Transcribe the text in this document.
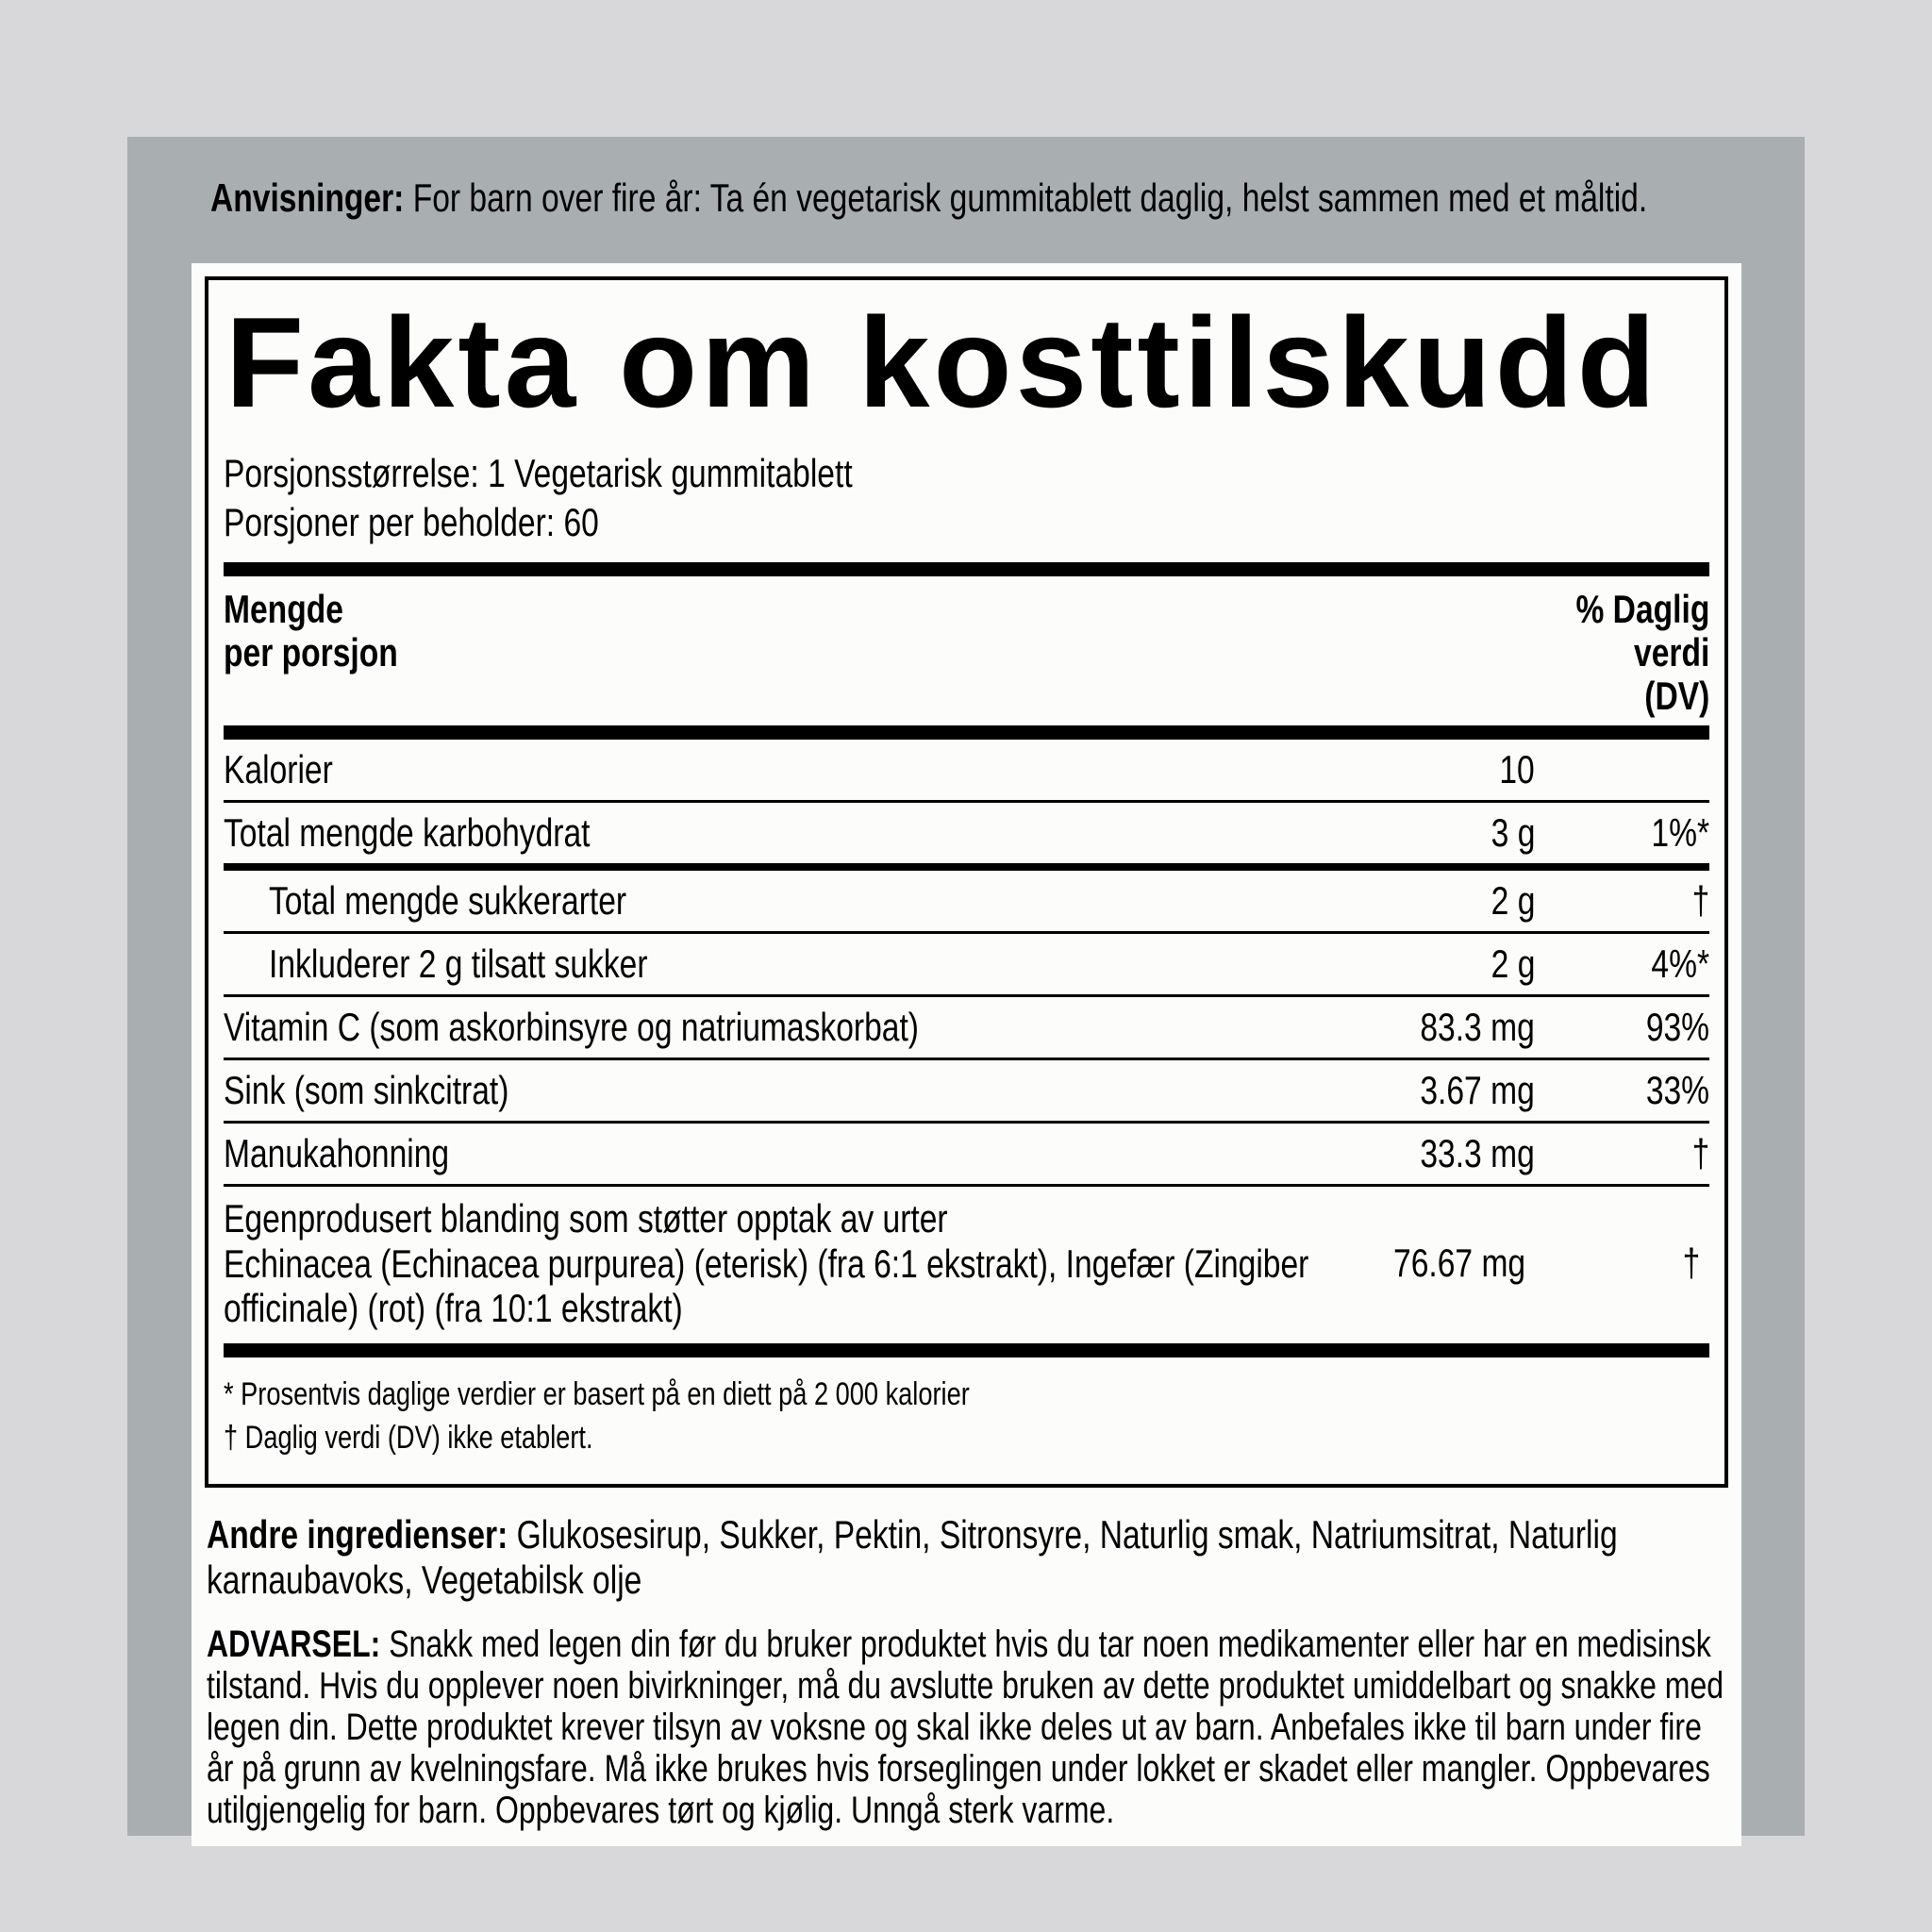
Anvisninger: For barn over fire år: Ta én vegetarisk gummitablett daglig, helst sammen med et måltid.

Fakta om kosttilskudd

Porsjonsstørrelse: 1 Vegetarisk gummitablett

Porsjoner per beholder: 60

Mengde
per porsjon
% Daglig
verdi
(DV)
Kalorier	10
Total mengde karbohydrat	3 g	1%*
Total mengde sukkerarter	2 g	†
Inkluderer 2 g tilsatt sukker	2 g	4%*
Vitamin C (som askorbinsyre og natriumaskorbat)	83.3 mg	93%
Sink (som sinkcitrat)	3.67 mg	33%
Manukahonning	33.3 mg	†
Egenprodusert blanding som støtter opptak av urter
Echinacea (Echinacea purpurea) (eterisk) (fra 6:1 ekstrakt), Ingefær (Zingiber officinale) (rot) (fra 10:1 ekstrakt)
76.67 mg	†

* Prosentvis daglige verdier er basert på en diett på 2 000 kalorier

† Daglig verdi (DV) ikke etablert.

Andre ingredienser: Glukosesirup, Sukker, Pektin, Sitronsyre, Naturlig smak, Natriumsitrat, Naturlig karnaubavoks, Vegetabilsk olje

ADVARSEL: Snakk med legen din før du bruker produktet hvis du tar noen medikamenter eller har en medisinsk tilstand. Hvis du opplever noen bivirkninger, må du avslutte bruken av dette produktet umiddelbart og snakke med legen din. Dette produktet krever tilsyn av voksne og skal ikke deles ut av barn. Anbefales ikke til barn under fire år på grunn av kvelningsfare. Må ikke brukes hvis forseglingen under lokket er skadet eller mangler. Oppbevares utilgjengelig for barn. Oppbevares tørt og kjølig. Unngå sterk varme.
